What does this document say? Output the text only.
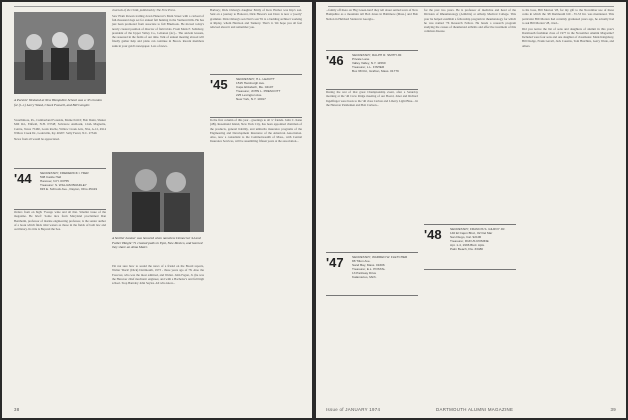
A Parents' Weekend at New Hampshire School was a '45 reunion for (l.-r.) Larry Wood, Chuck Foxwell, and Bill Gengler.

Swarthmore, Pa., Cumberland Foreside, Maine 04110; Bob Dunn, Shaker Mill Rd., Enfield, N.H. 03748; Salvatore Andlosik, 124A Magnolia, Centre, Texas 75460, Louis Roche, Willow Creek Arts, 30A, A-12, 4914 Willow Creek Dr., Louisville, Ky. 40207. Sally Ferrel, N.C. 27340.

News from all would be appreciated.

'44	SECRETARY, FREDERICK I. HIER
508 Castle Hall
Hanover, N.H. 03755
Treasurer: S. WILLIAM BRADLEY
815 E. Schrock Ave., Dayton, Ohio 45419

Orders from on high: 'Forego wine and all that. Smaller issue of the magazine. Be brief.' Some nice from Maryland proclaimed Dan Bernheim, professor of marine engineering professor, is the senior author of a book which finds tidal waters as those in the fields of both law and oscillatory. Its title is Beyond the Sea.

Journals of the Child, published by The Free Press.

Saw Elam Rowan trailing down Hanover's Main Street with a carload of full-thousand dogs set for annual fall hunting in the Vermont hills. He has just been promoted from associate to full Bluebook. He moved today's newly created position of director of field trials. From Mark F. Salisbury, president of the Upper Valley Co., Lebanon (sic)... The ancient lessons, the reasoned in the fields of our time. Talk of annual meeting abroad will finally gather help and plans can continue in Bacon. Recent members sunk in your gold's newspaper. Lots of news.

A Smiller hanmer was honored when nameless Democrat '44 and Father Haight '71 created paths in Epsi, New Mexico, and learned they share an Alma Mater.

I'm not sure how to sound the news of a friend on the Board reports, Walter 'Duck' (Dick) Dartmouth, 1973 - three years ago of 78. Also the Forecast, who was the most admired, and Walter. John Fagan, Jr. (he was the Hanover chief mechanic engineer, and with a Bachelor's and full high school. Stop Barnaby John Sayles. All who know...

Barbary; Dick Oxberg's daughter Emily of Kew Harbor was Kip's son. Sent on a journey to Hanover, Dick Hawes's son Dave is now a 'poorly' grammar. Dick Oxberg's son Nart's son '81 is a budding architect working at Ripley, whom Harrison and Tonkery. That's it. We hope you all feel relieved about it and remember you.

'45	SECRETARY, H.L. LEAVITT
1515 Hamburgh Ave.
Cape Elizabeth, Me. 04107
Treasurer, JOHN L. PRESCOTT
225 Lexington Ave.
New York, N.Y. 10017

In the first column of this year - greetings to all 'o' friends. John C. Kane (4B), Rosemund Island, New York City, has been appointed chairman of the products, general liability, and umbrella insurance programs of the Engineering and Development Insurance of the American Association. Also, now a consultant to the Commonwealth of Mass., with Central Insurance Services, will be assembling fifteen years at the association...

38

...family off there on 'Big Green-land' they tell about settled town of New Hampshire as a mountain tall Bob Jones in Baltimore (Mass.) and Bob Nelton in Hubbard Station in Georgia...

'46	SECRETARY, RALPH R. SMITH JR.
Private Lane
Valley Valley, N.Y. 11560
Treasurer, L.L. FISHER
Box 68 Rd., Grafton, Mass. 01779

During the rest of that great Championship event, after a Saturday morning at the '46 Crew Ridge meeting of our Board, Janet and Richard Ingelfinger were hosts to the '46 class Carbon and Liberty Light Blue... In the Hanover Pantlemen and Bob Carlson...

'47	SECRETARY, WARREN W. FLETCHER
88 Tilton Ave.
Sand Bay, Mass. 01606
Treasurer, E.L. POSTAL
13 Parkway Drive
Kalamazoo, Mich.

for the past two years. He is professor of medicine and head of the Division of Rheumatology (Arthritis) at Albany Medical College. This year he helped establish a fellowship program in rheumatology for which he was named '76 Research Fellow. He heads a research program studying the causes of rheumatoid arthritis and effective treatment of this common disease.

'48	SECRETARY, FRANCIS S. GILROY JR.
140 El Cajon Blvd., #2 Del Mar
San Diego, Cal. 92106
Treasurer, RUFUS ROMINE
Apt. 1-4, 1996 Blvd. Apts.
Palm Beach, Fla. 33480

to his boss, Bill Morton '28, for my gift to the November use of these coins in which the '48 Dartmouth bill - 35-53 Int. was mentioned. This particular Bill Morton had certainly graduated years ago, he actually had to ask Bill Morton '28, cited...

Did you notice the list of sons and daughters of alumni in this year's Dartmouth freshman class of 1977 in the November Alumni Magazine? Included were four sons and one daughter of classmates: Mark Kingsbury, Bill Dodge, Frank Gavell, Jack Cousins, Tom Hutchins, Gerry Wade, and others.

Issue of JANUARY 1974	DARTMOUTH ALUMNI MAGAZINE	39
